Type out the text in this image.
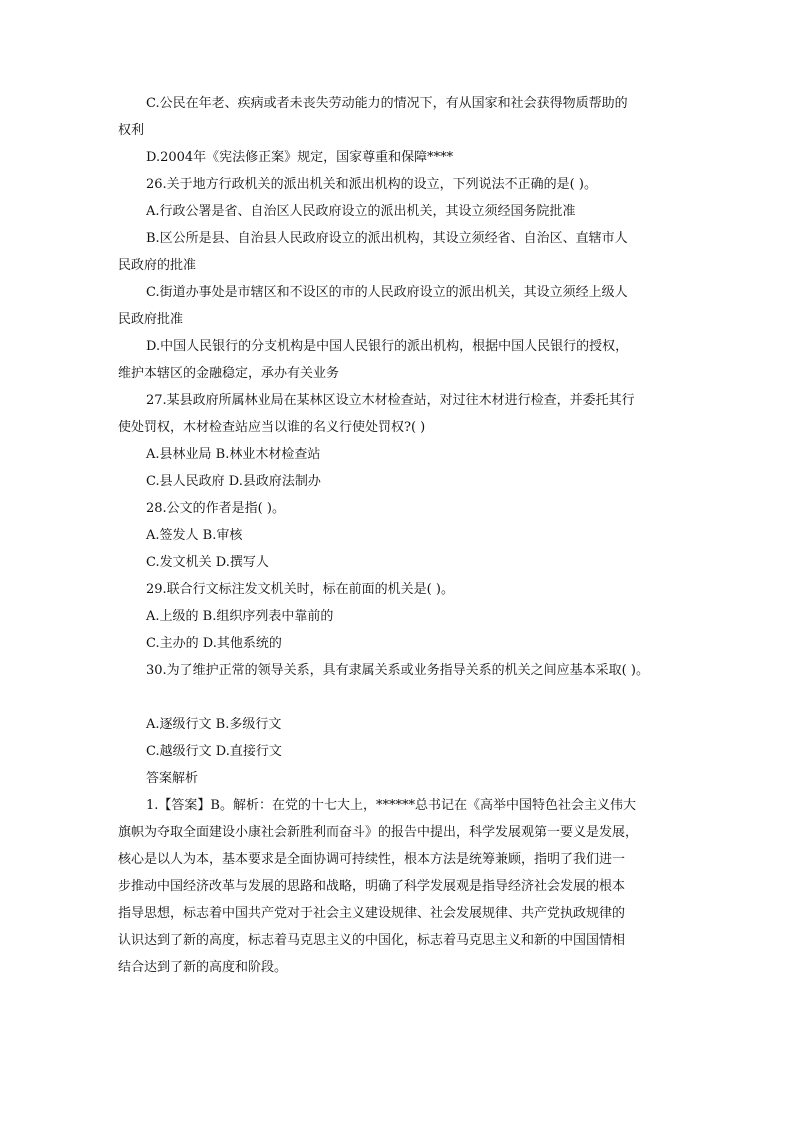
C.公民在年老、疾病或者未丧失劳动能力的情况下，有从国家和社会获得物质帮助的
权利
D.2004年《宪法修正案》规定，国家尊重和保障****
26.关于地方行政机关的派出机关和派出机构的设立，下列说法不正确的是( )。
A.行政公署是省、自治区人民政府设立的派出机关，其设立须经国务院批准
B.区公所是县、自治县人民政府设立的派出机构，其设立须经省、自治区、直辖市人
民政府的批准
C.街道办事处是市辖区和不设区的市的人民政府设立的派出机关，其设立须经上级人
民政府批准
D.中国人民银行的分支机构是中国人民银行的派出机构，根据中国人民银行的授权，
维护本辖区的金融稳定，承办有关业务
27.某县政府所属林业局在某林区设立木材检查站，对过往木材进行检查，并委托其行
使处罚权，木材检查站应当以谁的名义行使处罚权?( )
A.县林业局 B.林业木材检查站
C.县人民政府 D.县政府法制办
28.公文的作者是指( )。
A.签发人 B.审核
C.发文机关 D.撰写人
29.联合行文标注发文机关时，标在前面的机关是( )。
A.上级的 B.组织序列表中靠前的
C.主办的 D.其他系统的
30.为了维护正常的领导关系，具有隶属关系或业务指导关系的机关之间应基本采取( )。
A.逐级行文 B.多级行文
C.越级行文 D.直接行文
答案解析
1.【答案】B。解析：在党的十七大上，******总书记在《高举中国特色社会主义伟大
旗帜为夺取全面建设小康社会新胜利而奋斗》的报告中提出，科学发展观第一要义是发展，
核心是以人为本，基本要求是全面协调可持续性，根本方法是统筹兼顾，指明了我们进一
步推动中国经济改革与发展的思路和战略，明确了科学发展观是指导经济社会发展的根本
指导思想，标志着中国共产党对于社会主义建设规律、社会发展规律、共产党执政规律的
认识达到了新的高度，标志着马克思主义的中国化，标志着马克思主义和新的中国国情相
结合达到了新的高度和阶段。
